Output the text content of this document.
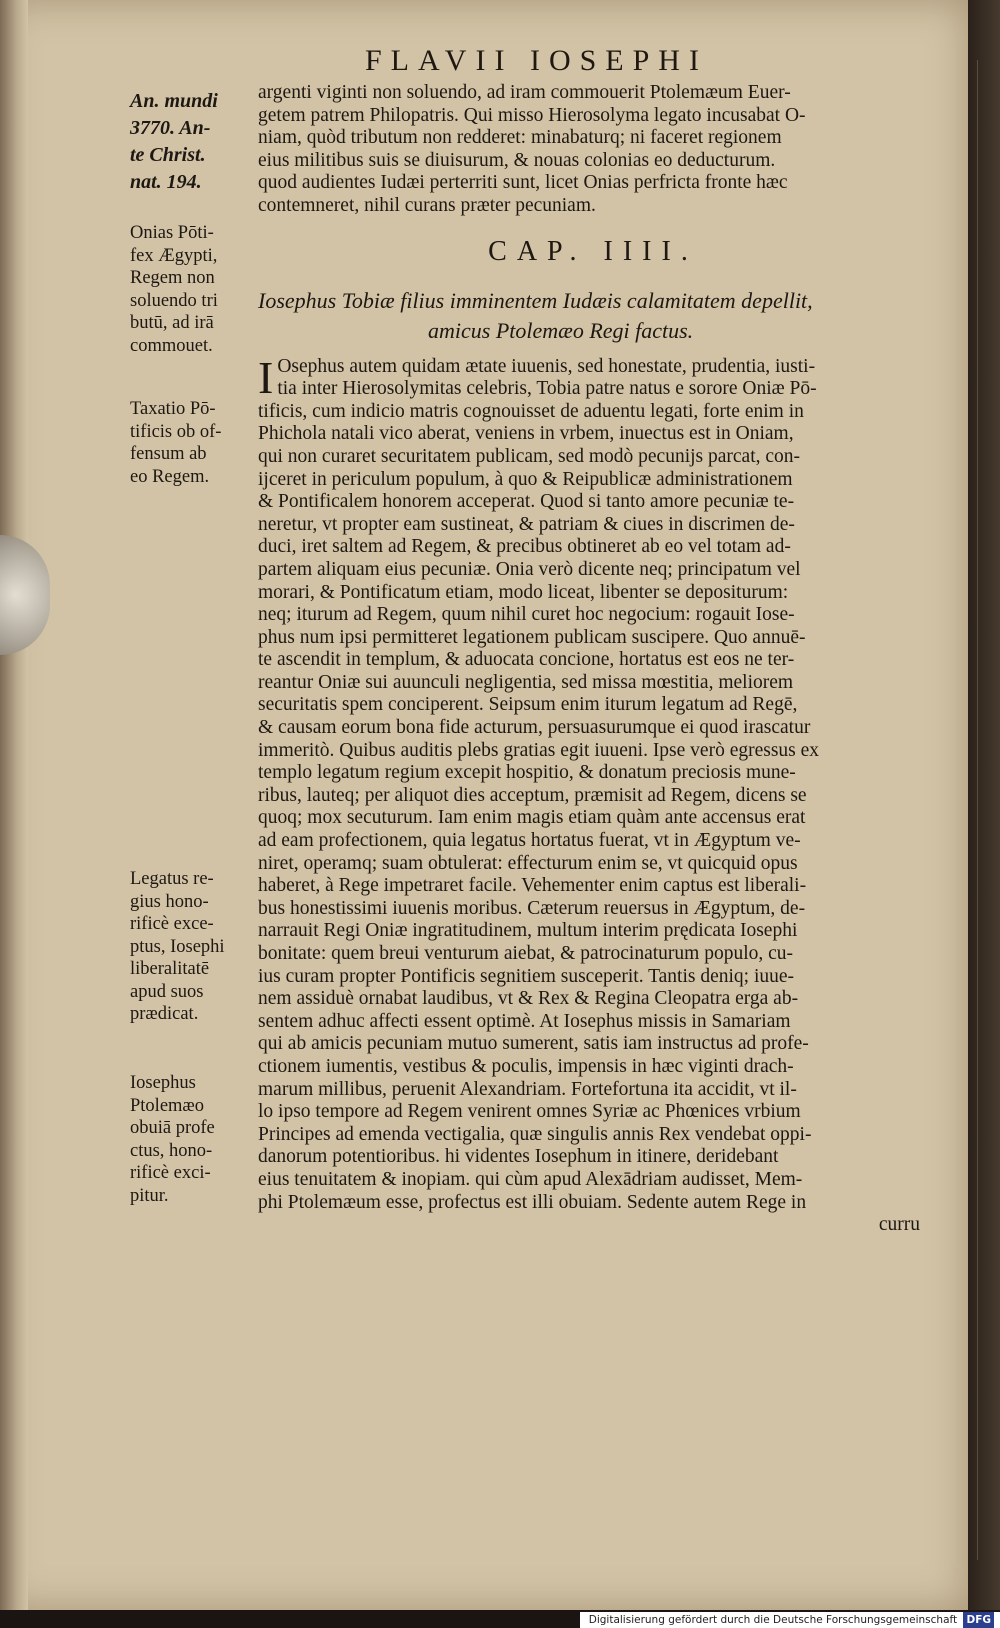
FLAVII IOSEPHI
An. mundi
3770. An-
te Christ.
nat. 194.
Onias Pōti-
fex Ægypti,
Regem non
soluendo tri
butū, ad irā
commouet.
Taxatio Pō-
tificis ob of-
fensum ab
eo Regem.
Legatus re-
gius hono-
rificè exce-
ptus, Iosephi
liberalitatē
apud suos
prædicat.
Iosephus
Ptolemæo
obuiā profe
ctus, hono-
rificè exci-
pitur.
argenti viginti non soluendo, ad iram commouerit Ptolemæum Euer-
getem patrem Philopatris. Qui misso Hierosolyma legato incusabat O-
niam, quòd tributum non redderet: minabaturq; ni faceret regionem
eius militibus suis se diuisurum, & nouas colonias eo deducturum.
quod audientes Iudæi perterriti sunt, licet Onias perfricta fronte hæc
contemneret, nihil curans præter pecuniam.
CAP. IIII.
Iosephus Tobiæ filius imminentem Iudæis calamitatem depellit,
amicus Ptolemæo Regi factus.
I Osephus autem quidam ætate iuuenis, sed honestate, prudentia, iusti-
tia inter Hierosolymitas celebris, Tobia patre natus e sorore Oniæ Pō-
tificis, cum indicio matris cognouisset de aduentu legati, forte enim in
Phichola natali vico aberat, veniens in vrbem, inuectus est in Oniam,
qui non curaret securitatem publicam, sed modò pecunijs parcat, con-
ijceret in periculum populum, à quo & Reipublicæ administrationem
& Pontificalem honorem acceperat. Quod si tanto amore pecuniæ te-
neretur, vt propter eam sustineat, & patriam & ciues in discrimen de-
duci, iret saltem ad Regem, & precibus obtineret ab eo vel totam ad-
partem aliquam eius pecuniæ. Onia verò dicente neq; principatum vel
morari, & Pontificatum etiam, modo liceat, libenter se depositurum:
neq; iturum ad Regem, quum nihil curet hoc negocium: rogauit Iose-
phus num ipsi permitteret legationem publicam suscipere. Quo annuē-
te ascendit in templum, & aduocata concione, hortatus est eos ne ter-
reantur Oniæ sui auunculi negligentia, sed missa mœstitia, meliorem
securitatis spem conciperent. Seipsum enim iturum legatum ad Regē,
& causam eorum bona fide acturum, persuasurumque ei quod irascatur
immeritò. Quibus auditis plebs gratias egit iuueni. Ipse verò egressus ex
templo legatum regium excepit hospitio, & donatum preciosis mune-
ribus, lauteq; per aliquot dies acceptum, præmisit ad Regem, dicens se
quoq; mox secuturum. Iam enim magis etiam quàm ante accensus erat
ad eam profectionem, quia legatus hortatus fuerat, vt in Ægyptum ve-
niret, operamq; suam obtulerat: effecturum enim se, vt quicquid opus
haberet, à Rege impetraret facile. Vehementer enim captus est liberali-
bus honestissimi iuuenis moribus. Cæterum reuersus in Ægyptum, de-
narrauit Regi Oniæ ingratitudinem, multum interim prędicata Iosephi
bonitate: quem breui venturum aiebat, & patrocinaturum populo, cu-
ius curam propter Pontificis segnitiem susceperit. Tantis deniq; iuue-
nem assiduè ornabat laudibus, vt & Rex & Regina Cleopatra erga ab-
sentem adhuc affecti essent optimè. At Iosephus missis in Samariam
qui ab amicis pecuniam mutuo sumerent, satis iam instructus ad profe-
ctionem iumentis, vestibus & poculis, impensis in hæc viginti drach-
marum millibus, peruenit Alexandriam. Fortefortuna ita accidit, vt il-
lo ipso tempore ad Regem venirent omnes Syriæ ac Phœnices vrbium
Principes ad emenda vectigalia, quæ singulis annis Rex vendebat oppi-
danorum potentioribus. hi videntes Iosephum in itinere, deridebant
eius tenuitatem & inopiam. qui cùm apud Alexādriam audisset, Mem-
phi Ptolemæum esse, profectus est illi obuiam. Sedente autem Rege in
curru
Digitalisierung gefördert durch die Deutsche Forschungsgemeinschaft DFG
